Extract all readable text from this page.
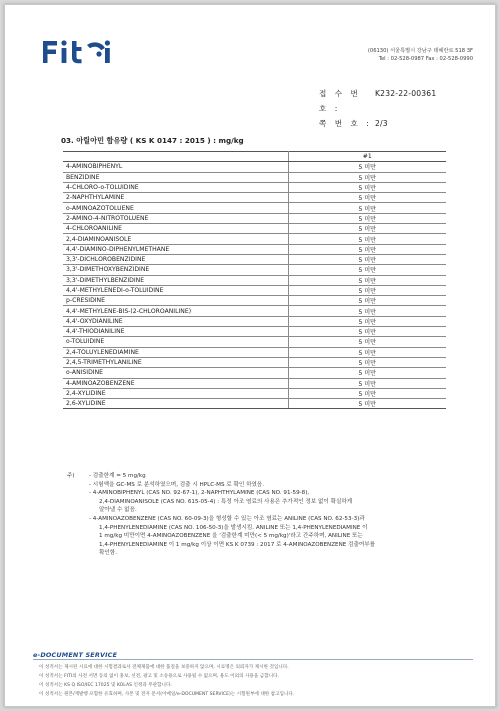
(06130) 서울특별시 강남구 테헤란로 518 3F
Tel : 02-528-0987 Fax : 02-528-0990
접 수 번 호 :
K232-22-00361
쪽 번 호 : 2/3
03. 아릴아민 함유량 ( KS K 0147 : 2015 ) : mg/kg
	#1
4-AMINOBIPHENYL	5 미만
BENZIDINE	5 미만
4-CHLORO-o-TOLUIDINE	5 미만
2-NAPHTHYLAMINE	5 미만
o-AMINOAZOTOLUENE	5 미만
2-AMINO-4-NITROTOLUENE	5 미만
4-CHLOROANILINE	5 미만
2,4-DIAMINOANISOLE	5 미만
4,4'-DIAMINO-DIPHENYLMETHANE	5 미만
3,3'-DICHLOROBENZIDINE	5 미만
3,3'-DIMETHOXYBENZIDINE	5 미만
3,3'-DIMETHYLBENZIDINE	5 미만
4,4'-METHYLENEDI-o-TOLUIDINE	5 미만
p-CRESIDINE	5 미만
4,4'-METHYLENE-BIS-(2-CHLOROANILINE)	5 미만
4,4'-OXYDIANILINE	5 미만
4,4'-THIODIANILINE	5 미만
o-TOLUIDINE	5 미만
2,4-TOLUYLENEDIAMINE	5 미만
2,4,5-TRIMETHYLANILINE	5 미만
o-ANISIDINE	5 미만
4-AMINOAZOBENZENE	5 미만
2,4-XYLIDINE	5 미만
2,6-XYLIDINE	5 미만
주)	- 검출한계 = 5 mg/kg
- 시험액을 GC-MS 로 분석하였으며, 검출 시 HPLC-MS 로 확인 하였음.
- 4-AMINOBIPHENYL (CAS NO. 92-67-1), 2-NAPHTHYLAMINE (CAS NO. 91-59-8),
2,4-DIAMINOANISOLE (CAS NO. 615-05-4) : 특정 아조 염료의 사용은 추가적인 정보 없이 확실하게
알아낼 수 없음.
- 4-AMINOAZOBENZENE (CAS NO. 60-09-3)을 형성할 수 있는 아조 염료는 ANILINE (CAS NO. 62-53-3)과
1,4-PHENYLENEDIAMINE (CAS NO. 106-50-3)을 발생시킴. ANILINE 또는 1,4-PHENYLENEDIAMINE 이
1 mg/kg 미만이면 4-AMINOAZOBENZENE 을 '검출한계 미만(< 5 mg/kg)'라고 간주하며, ANILINE 또는
1,4-PHENYLENEDIAMINE 이 1 mg/kg 이상 이면 KS K 0739 : 2017 로 4-AMINOAZOBENZENE 검출여부를
확인함.
e-DOCUMENT SERVICE
이 성적서는 제시된 시료에 대한 시험결과로서 전체제품에 대한 품질을 보증하지 않으며, 시료명은 의뢰자가 제시한 것입니다.
이 성적서는 FITI의 사전 서면 동의 없이 홍보, 선전, 광고 및 소송용으로 사용될 수 없으며, 용도 이외의 사용을 금합니다.
이 성적서는 KS Q ISO/IEC 17025 및 KOLAS 인정과 무관합니다.
이 성적서는 원본/재발행 포함한 유효하며, 사본 및 전자 문서(이메일/e-DOCUMENT SERVICE)는 시험원부에 대한 참고입니다.
